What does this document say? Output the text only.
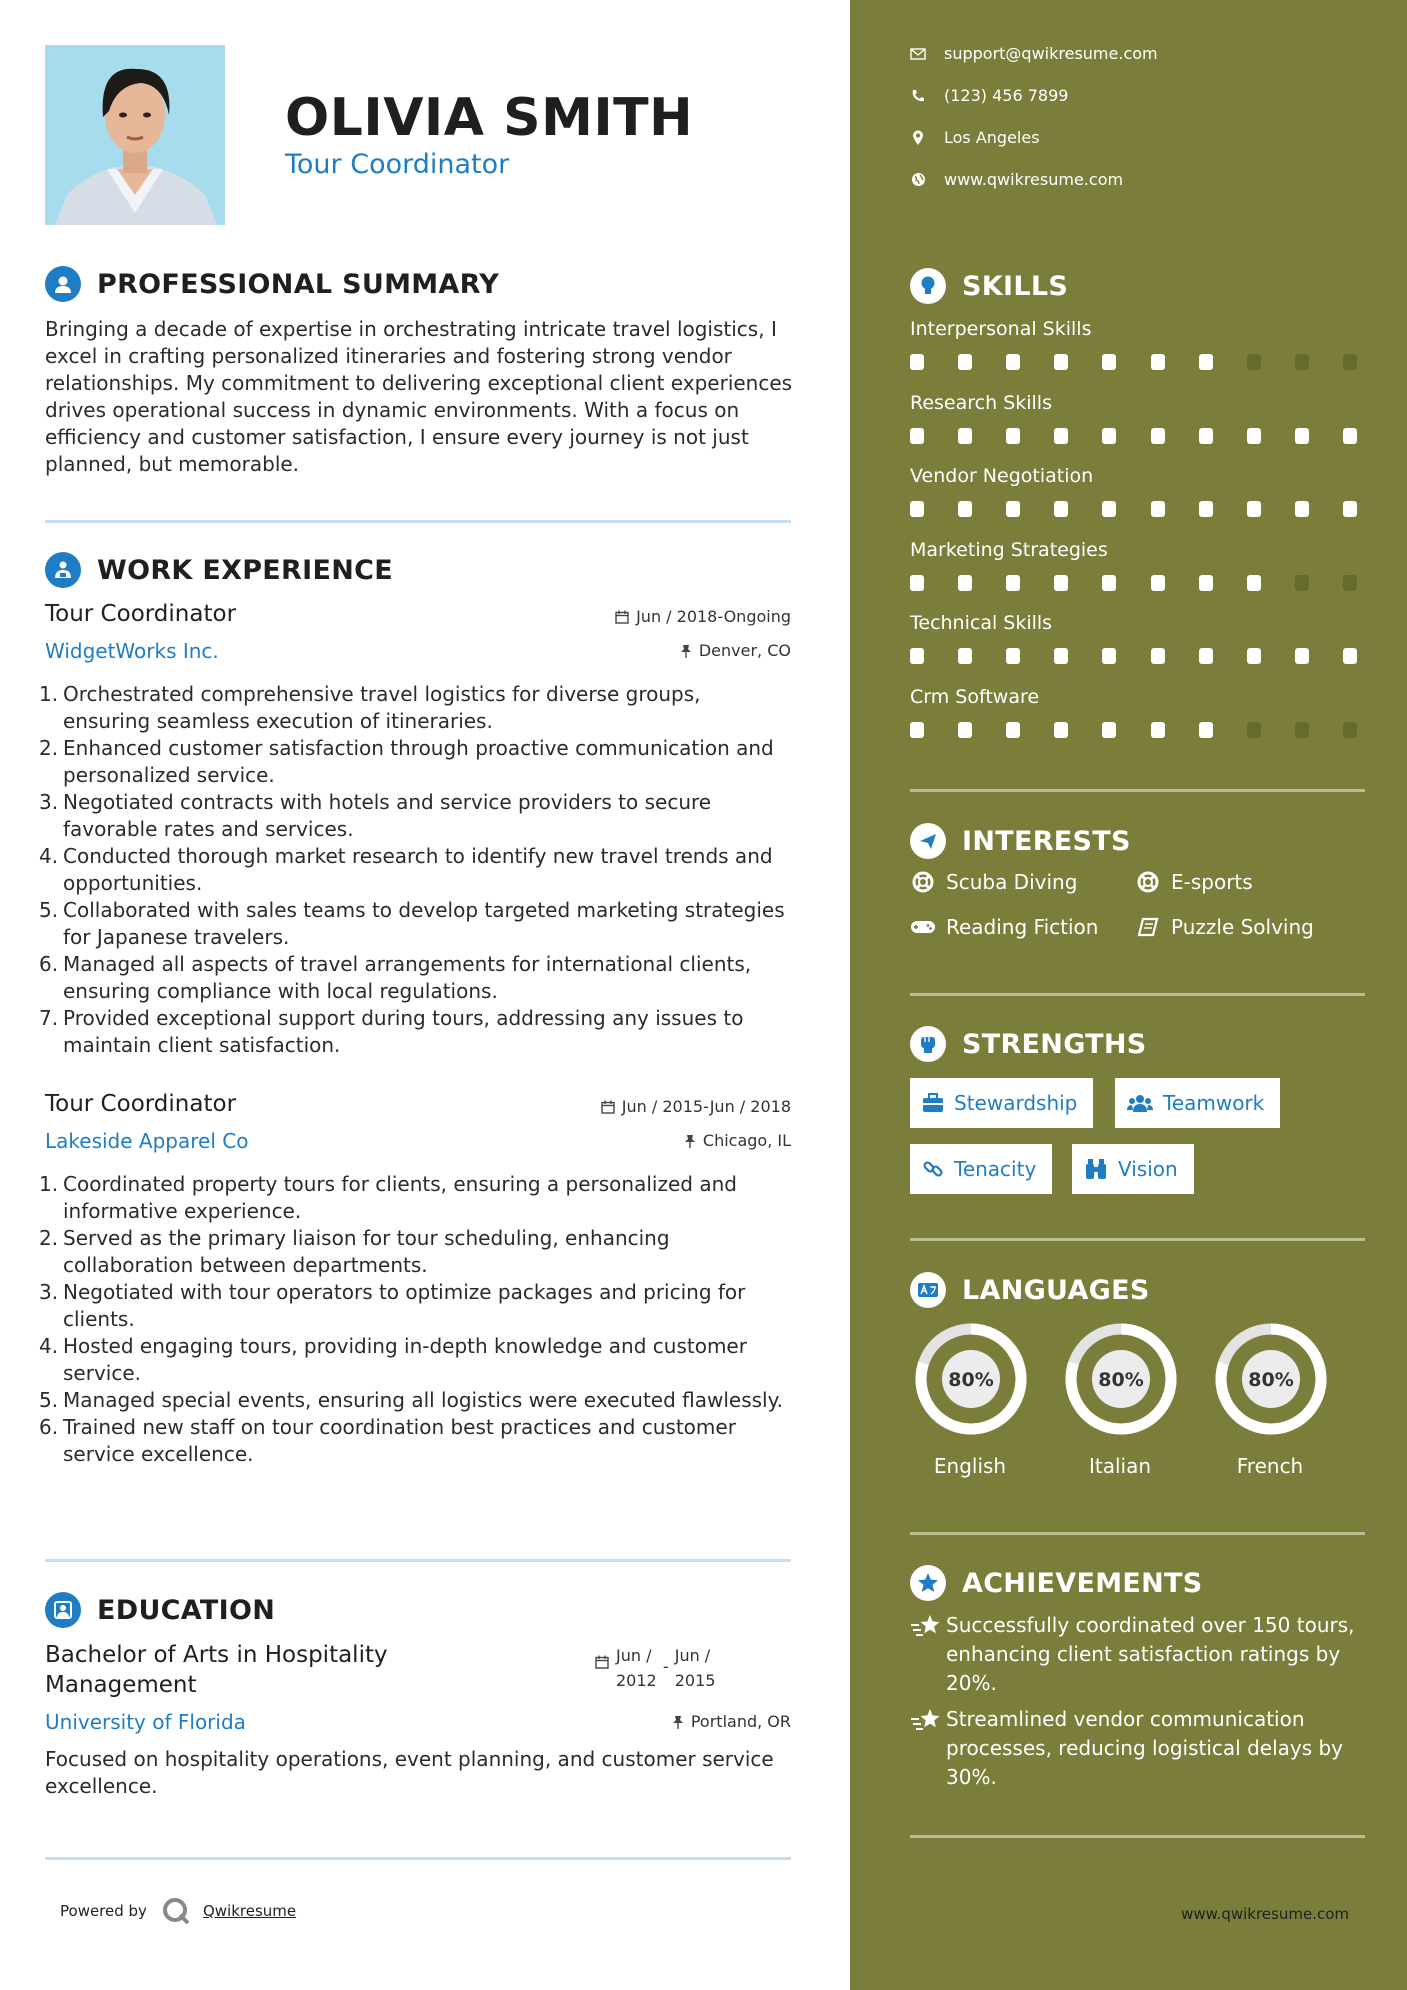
OLIVIA SMITH
Tour Coordinator
PROFESSIONAL SUMMARY
Bringing a decade of expertise in orchestrating intricate travel logistics, I excel in crafting personalized itineraries and fostering strong vendor relationships. My commitment to delivering exceptional client experiences drives operational success in dynamic environments. With a focus on efficiency and customer satisfaction, I ensure every journey is not just planned, but memorable.
WORK EXPERIENCE
Tour Coordinator
WidgetWorks Inc.
Jun / 2018-Ongoing
Denver, CO
1. Orchestrated comprehensive travel logistics for diverse groups, ensuring seamless execution of itineraries.
2. Enhanced customer satisfaction through proactive communication and personalized service.
3. Negotiated contracts with hotels and service providers to secure favorable rates and services.
4. Conducted thorough market research to identify new travel trends and opportunities.
5. Collaborated with sales teams to develop targeted marketing strategies for Japanese travelers.
6. Managed all aspects of travel arrangements for international clients, ensuring compliance with local regulations.
7. Provided exceptional support during tours, addressing any issues to maintain client satisfaction.
Tour Coordinator
Lakeside Apparel Co
Jun / 2015-Jun / 2018
Chicago, IL
1. Coordinated property tours for clients, ensuring a personalized and informative experience.
2. Served as the primary liaison for tour scheduling, enhancing collaboration between departments.
3. Negotiated with tour operators to optimize packages and pricing for clients.
4. Hosted engaging tours, providing in-depth knowledge and customer service.
5. Managed special events, ensuring all logistics were executed flawlessly.
6. Trained new staff on tour coordination best practices and customer service excellence.
EDUCATION
Bachelor of Arts in Hospitality Management
Jun /
2012
-
Jun /
2015
University of Florida	Portland, OR
Focused on hospitality operations, event planning, and customer service excellence.
Powered by	Qwikresume
support@qwikresume.com
(123) 456 7899
Los Angeles
www.qwikresume.com
SKILLS
Interpersonal Skills
Research Skills
Vendor Negotiation
Marketing Strategies
Technical Skills
Crm Software
INTERESTS
Scuba Diving	E-sports
Reading Fiction	Puzzle Solving
STRENGTHS
Stewardship	Teamwork
Tenacity	Vision
LANGUAGES
80%
English
80%
Italian
80%
French
ACHIEVEMENTS
Successfully coordinated over 150 tours, enhancing client satisfaction ratings by 20%.
Streamlined vendor communication processes, reducing logistical delays by 30%.
www.qwikresume.com
